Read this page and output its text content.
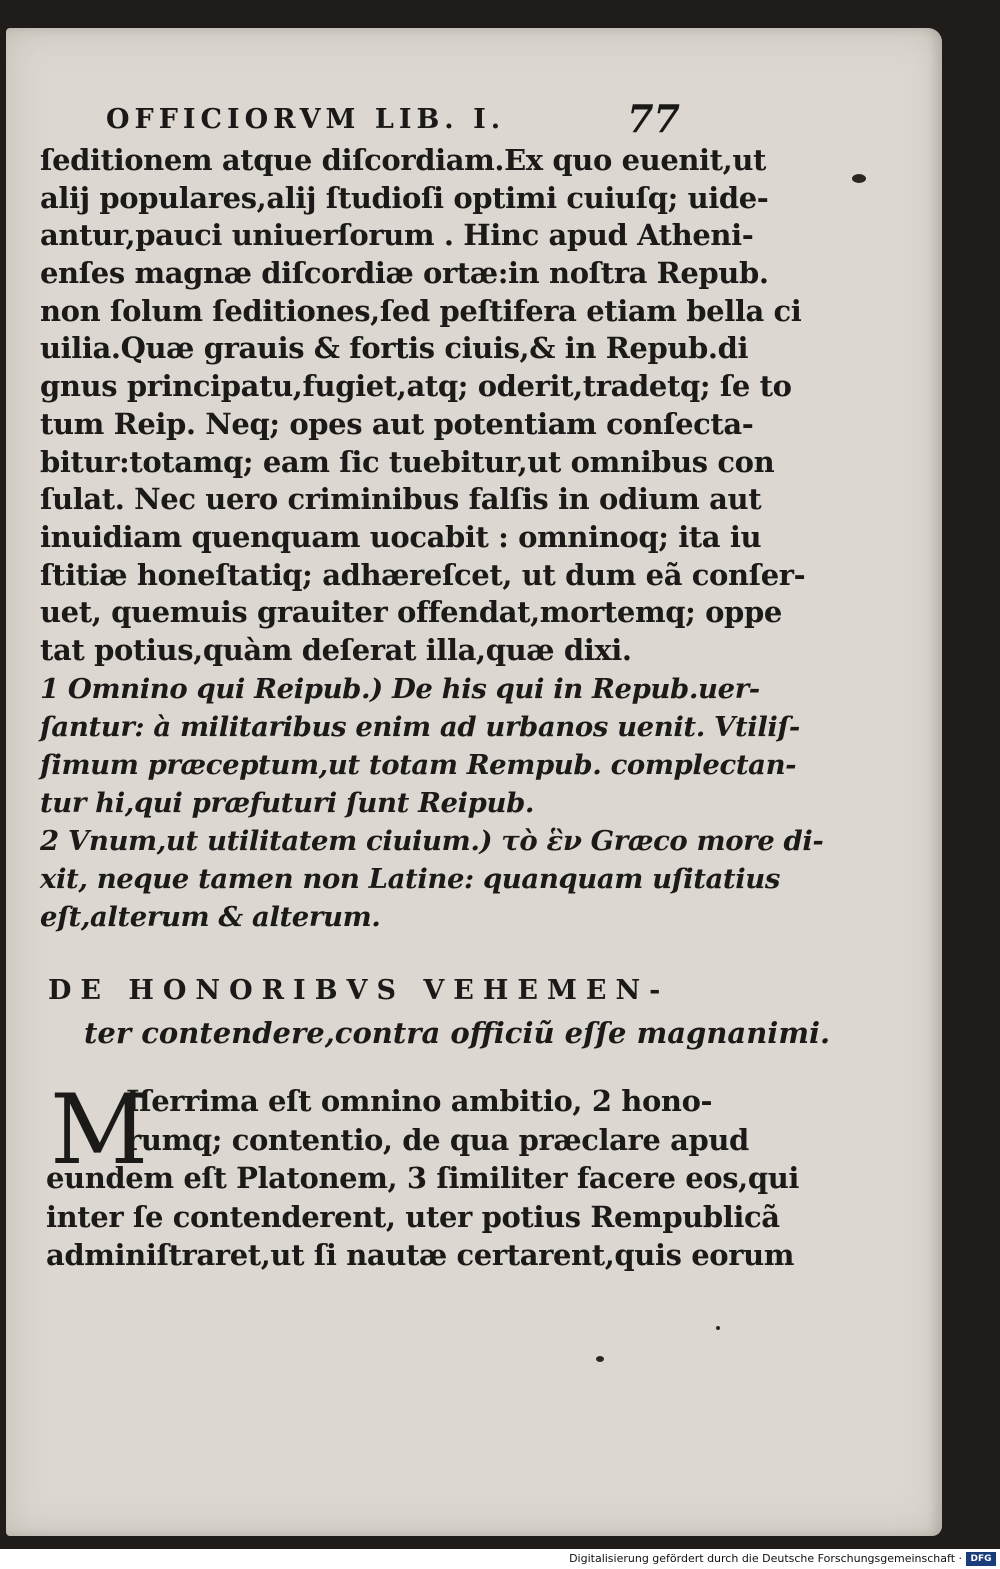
OFFICIORVM LIB. I.	77
ſeditionem atque diſcordiam.Ex quo euenit,ut
alij populares,alij ſtudioſi optimi cuiuſq; uide-
antur,pauci uniuerſorum . Hinc apud Atheni-
enſes magnæ diſcordiæ ortæ:in noſtra Repub.
non ſolum ſeditiones,ſed peſtifera etiam bella ci
uilia.Quæ grauis & fortis ciuis,& in Repub.di
gnus principatu,fugiet,atq; oderit,tradetq; ſe to
tum Reip. Neq; opes aut potentiam conſecta-
bitur:totamq; eam ſic tuebitur,ut omnibus con
ſulat. Nec uero criminibus falſis in odium aut
inuidiam quenquam uocabit : omninoq; ita iu
ſtitiæ honeſtatiq; adhæreſcet, ut dum eã conſer-
uet, quemuis grauiter offendat,mortemq; oppe
tat potius,quàm deſerat illa,quæ dixi.
1 Omnino qui Reipub.) De his qui in Repub.uer-
ſantur: à militaribus enim ad urbanos uenit. Vtiliſ-
ſimum præceptum,ut totam Rempub. complectan-
tur hi,qui præfuturi ſunt Reipub.
2 Vnum,ut utilitatem ciuium.) τὸ ἓν Græco more di-
xit, neque tamen non Latine: quanquam uſitatius
eſt,alterum & alterum.
DE HONORIBVS VEHEMEN-
ter contendere,contra officiũ eſſe magnanimi.
M
Iſerrima eſt omnino ambitio, 2 hono-
rumq; contentio, de qua præclare apud
eundem eſt Platonem, 3 ſimiliter facere eos,qui
inter ſe contenderent, uter potius Rempublicã
adminiſtraret,ut ſi nautæ certarent,quis eorum
Digitalisierung gefördert durch die Deutsche Forschungsgemeinschaft · DFG
